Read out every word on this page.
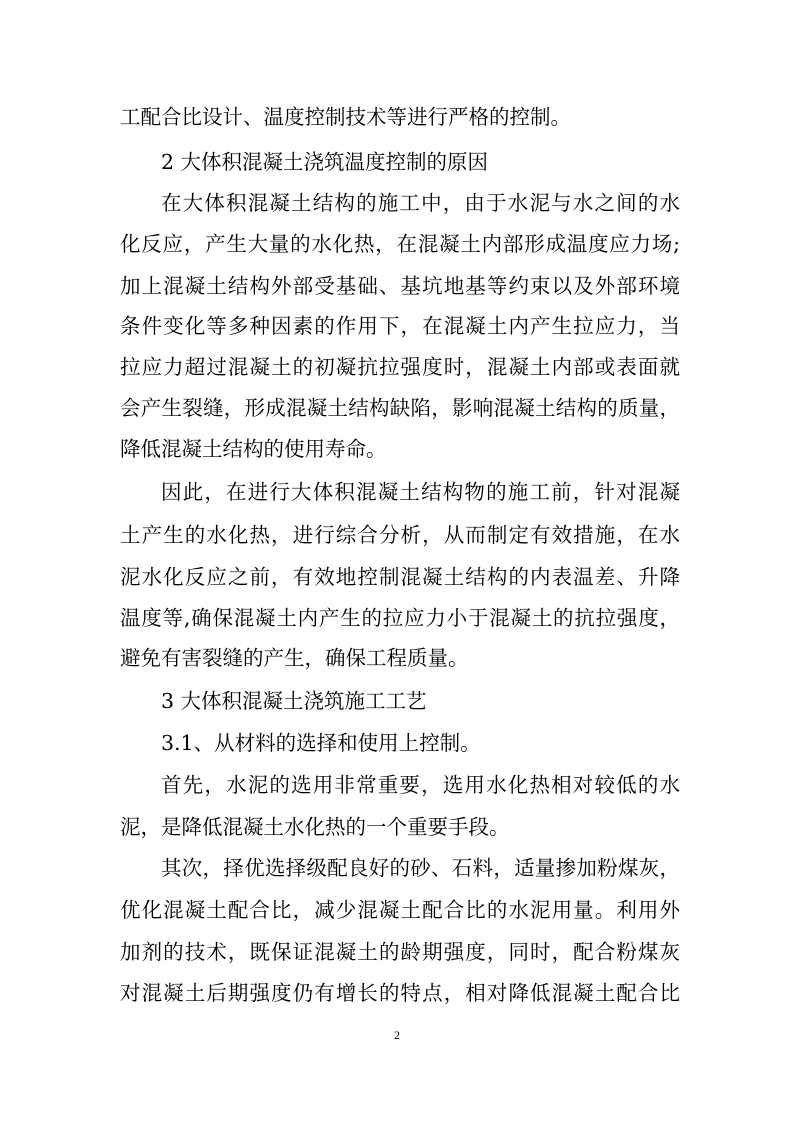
工配合比设计、温度控制技术等进行严格的控制。
2 大体积混凝土浇筑温度控制的原因
在大体积混凝土结构的施工中，由于水泥与水之间的水
化反应，产生大量的水化热，在混凝土内部形成温度应力场;
加上混凝土结构外部受基础、基坑地基等约束以及外部环境
条件变化等多种因素的作用下，在混凝土内产生拉应力，当
拉应力超过混凝土的初凝抗拉强度时，混凝土内部或表面就
会产生裂缝，形成混凝土结构缺陷，影响混凝土结构的质量，
降低混凝土结构的使用寿命。
因此，在进行大体积混凝土结构物的施工前，针对混凝
土产生的水化热，进行综合分析，从而制定有效措施，在水
泥水化反应之前，有效地控制混凝土结构的内表温差、升降
温度等,确保混凝土内产生的拉应力小于混凝土的抗拉强度，
避免有害裂缝的产生，确保工程质量。
3 大体积混凝土浇筑施工工艺
3.1、从材料的选择和使用上控制。
首先，水泥的选用非常重要，选用水化热相对较低的水
泥，是降低混凝土水化热的一个重要手段。
其次，择优选择级配良好的砂、石料，适量掺加粉煤灰，
优化混凝土配合比，减少混凝土配合比的水泥用量。利用外
加剂的技术，既保证混凝土的龄期强度，同时，配合粉煤灰
对混凝土后期强度仍有增长的特点，相对降低混凝土配合比
2
